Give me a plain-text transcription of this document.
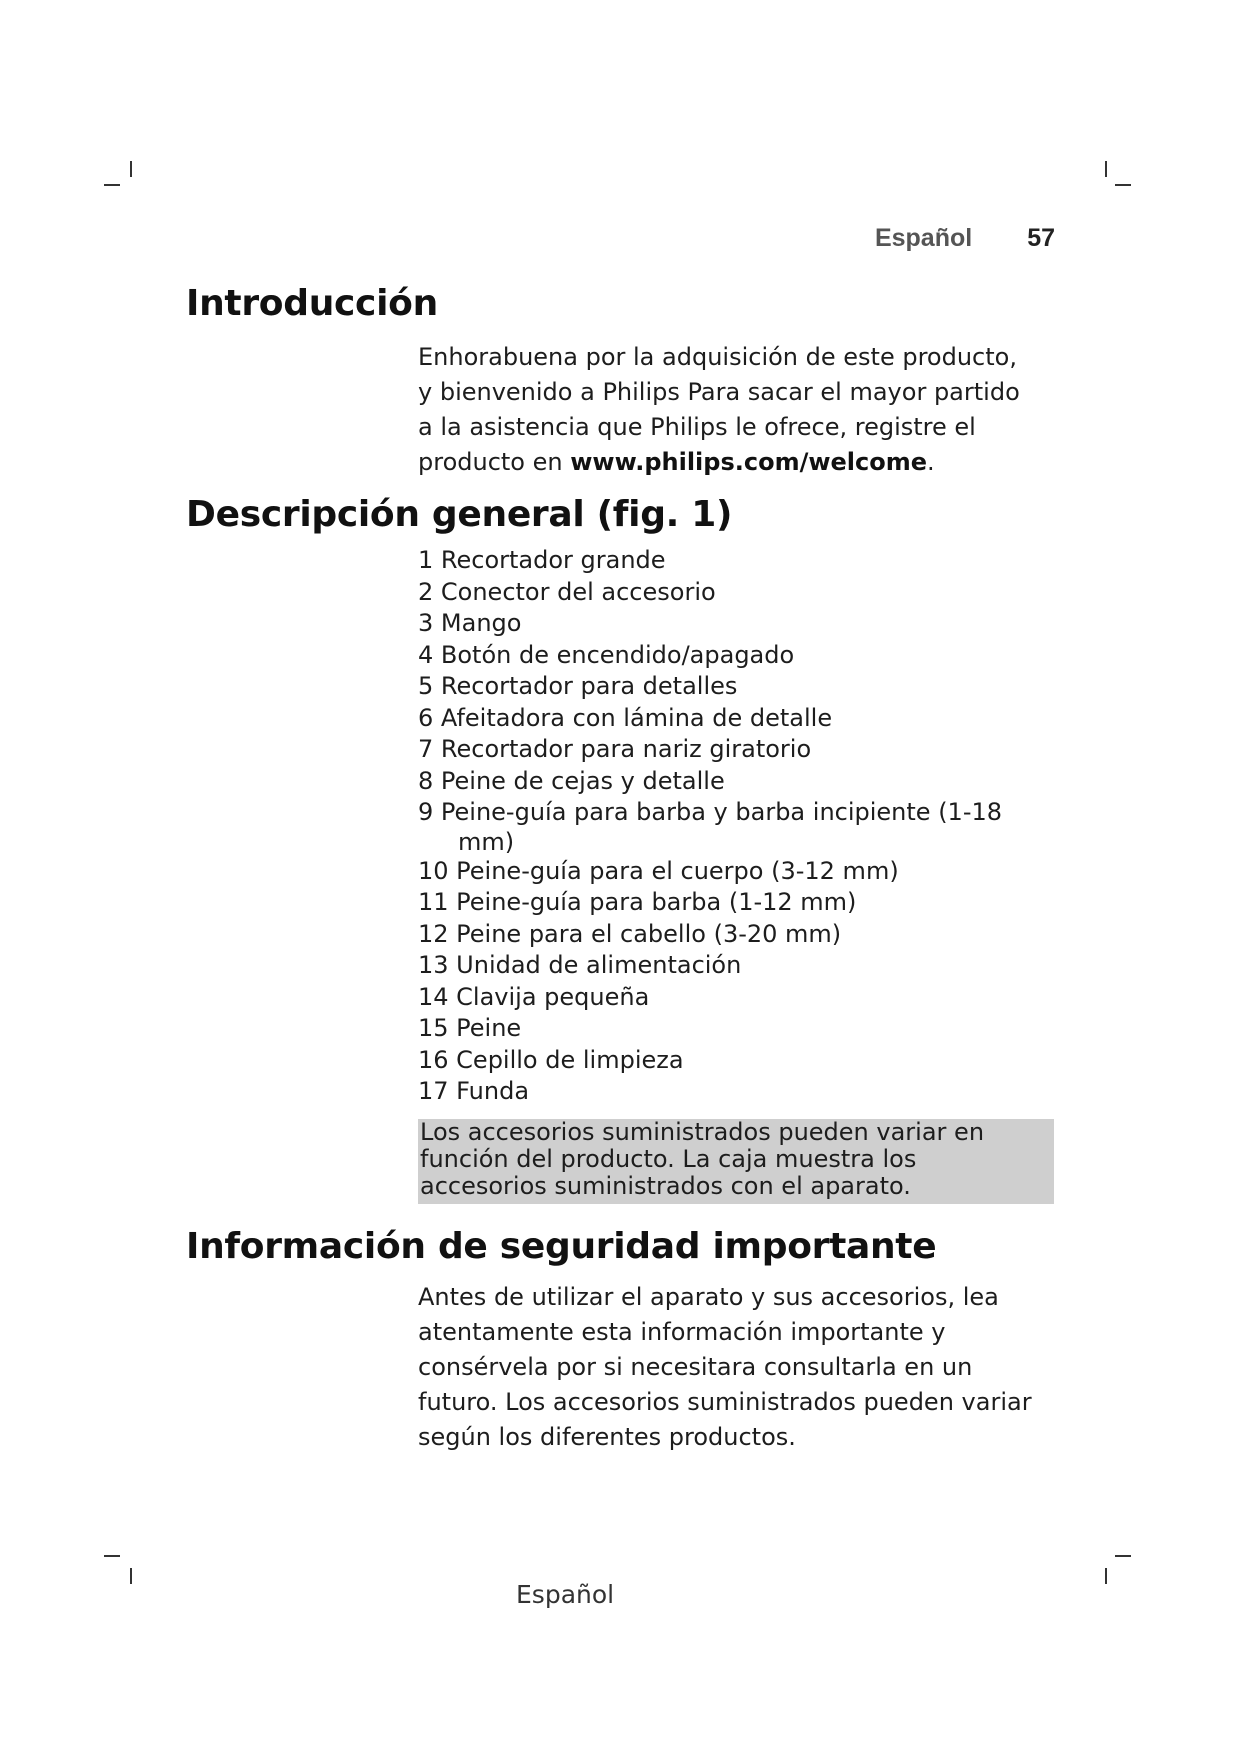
Español 57
Introducción
Enhorabuena por la adquisición de este producto,
y bienvenido a Philips Para sacar el mayor partido
a la asistencia que Philips le ofrece, registre el
producto en www.philips.com/welcome.
Descripción general (fig. 1)
1 Recortador grande
2 Conector del accesorio
3 Mango
4 Botón de encendido/apagado
5 Recortador para detalles
6 Afeitadora con lámina de detalle
7 Recortador para nariz giratorio
8 Peine de cejas y detalle
9 Peine-guía para barba y barba incipiente (1-18
mm)
10 Peine-guía para el cuerpo (3-12 mm)
11 Peine-guía para barba (1-12 mm)
12 Peine para el cabello (3-20 mm)
13 Unidad de alimentación
14 Clavija pequeña
15 Peine
16 Cepillo de limpieza
17 Funda
Los accesorios suministrados pueden variar en
función del producto. La caja muestra los
accesorios suministrados con el aparato.
Información de seguridad importante
Antes de utilizar el aparato y sus accesorios, lea
atentamente esta información importante y
consérvela por si necesitara consultarla en un
futuro. Los accesorios suministrados pueden variar
según los diferentes productos.
Español
